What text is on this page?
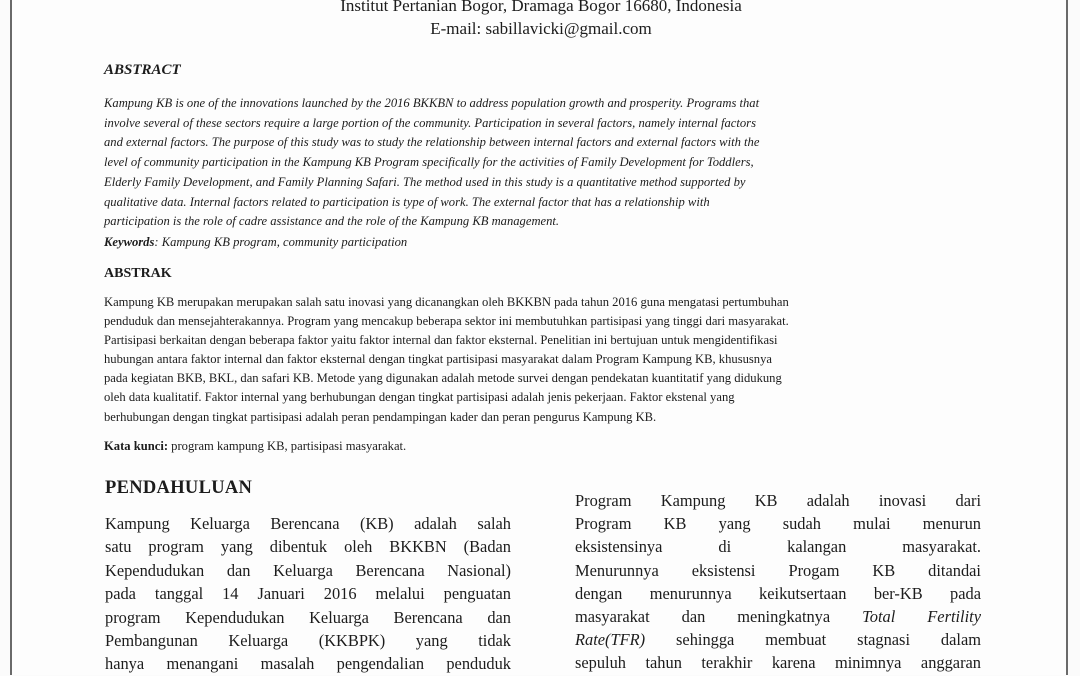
Institut Pertanian Bogor, Dramaga Bogor 16680, Indonesia
E-mail: sabillavicki@gmail.com
ABSTRACT
Kampung KB is one of the innovations launched by the 2016 BKKBN to address population growth and prosperity. Programs that
involve several of these sectors require a large portion of the community. Participation in several factors, namely internal factors
and external factors. The purpose of this study was to study the relationship between internal factors and external factors with the
level of community participation in the Kampung KB Program specifically for the activities of Family Development for Toddlers,
Elderly Family Development, and Family Planning Safari. The method used in this study is a quantitative method supported by
qualitative data. Internal factors related to participation is type of work. The external factor that has a relationship with
participation is the role of cadre assistance and the role of the Kampung KB management.
Keywords: Kampung KB program, community participation
ABSTRAK
Kampung KB merupakan merupakan salah satu inovasi yang dicanangkan oleh BKKBN pada tahun 2016 guna mengatasi pertumbuhan
penduduk dan mensejahterakannya. Program yang mencakup beberapa sektor ini membutuhkan partisipasi yang tinggi dari masyarakat.
Partisipasi berkaitan dengan beberapa faktor yaitu faktor internal dan faktor eksternal. Penelitian ini bertujuan untuk mengidentifikasi
hubungan antara faktor internal dan faktor eksternal dengan tingkat partisipasi masyarakat dalam Program Kampung KB, khususnya
pada kegiatan BKB, BKL, dan safari KB. Metode yang digunakan adalah metode survei dengan pendekatan kuantitatif yang didukung
oleh data kualitatif. Faktor internal yang berhubungan dengan tingkat partisipasi adalah jenis pekerjaan. Faktor ekstenal yang
berhubungan dengan tingkat partisipasi adalah peran pendampingan kader dan peran pengurus Kampung KB.
Kata kunci: program kampung KB, partisipasi masyarakat.
PENDAHULUAN
Kampung Keluarga Berencana (KB) adalah salah
satu program yang dibentuk oleh BKKBN (Badan
Kependudukan dan Keluarga Berencana Nasional)
pada tanggal 14 Januari 2016 melalui penguatan
program Kependudukan Keluarga Berencana dan
Pembangunan Keluarga (KKBPK) yang tidak
hanya menangani masalah pengendalian penduduk
Program Kampung KB adalah inovasi dari
Program KB yang sudah mulai menurun
eksistensinya di kalangan masyarakat.
Menurunnya eksistensi Progam KB ditandai
dengan menurunnya keikutsertaan ber-KB pada
masyarakat dan meningkatnya Total Fertility
Rate(TFR) sehingga membuat stagnasi dalam
sepuluh tahun terakhir karena minimnya anggaran
